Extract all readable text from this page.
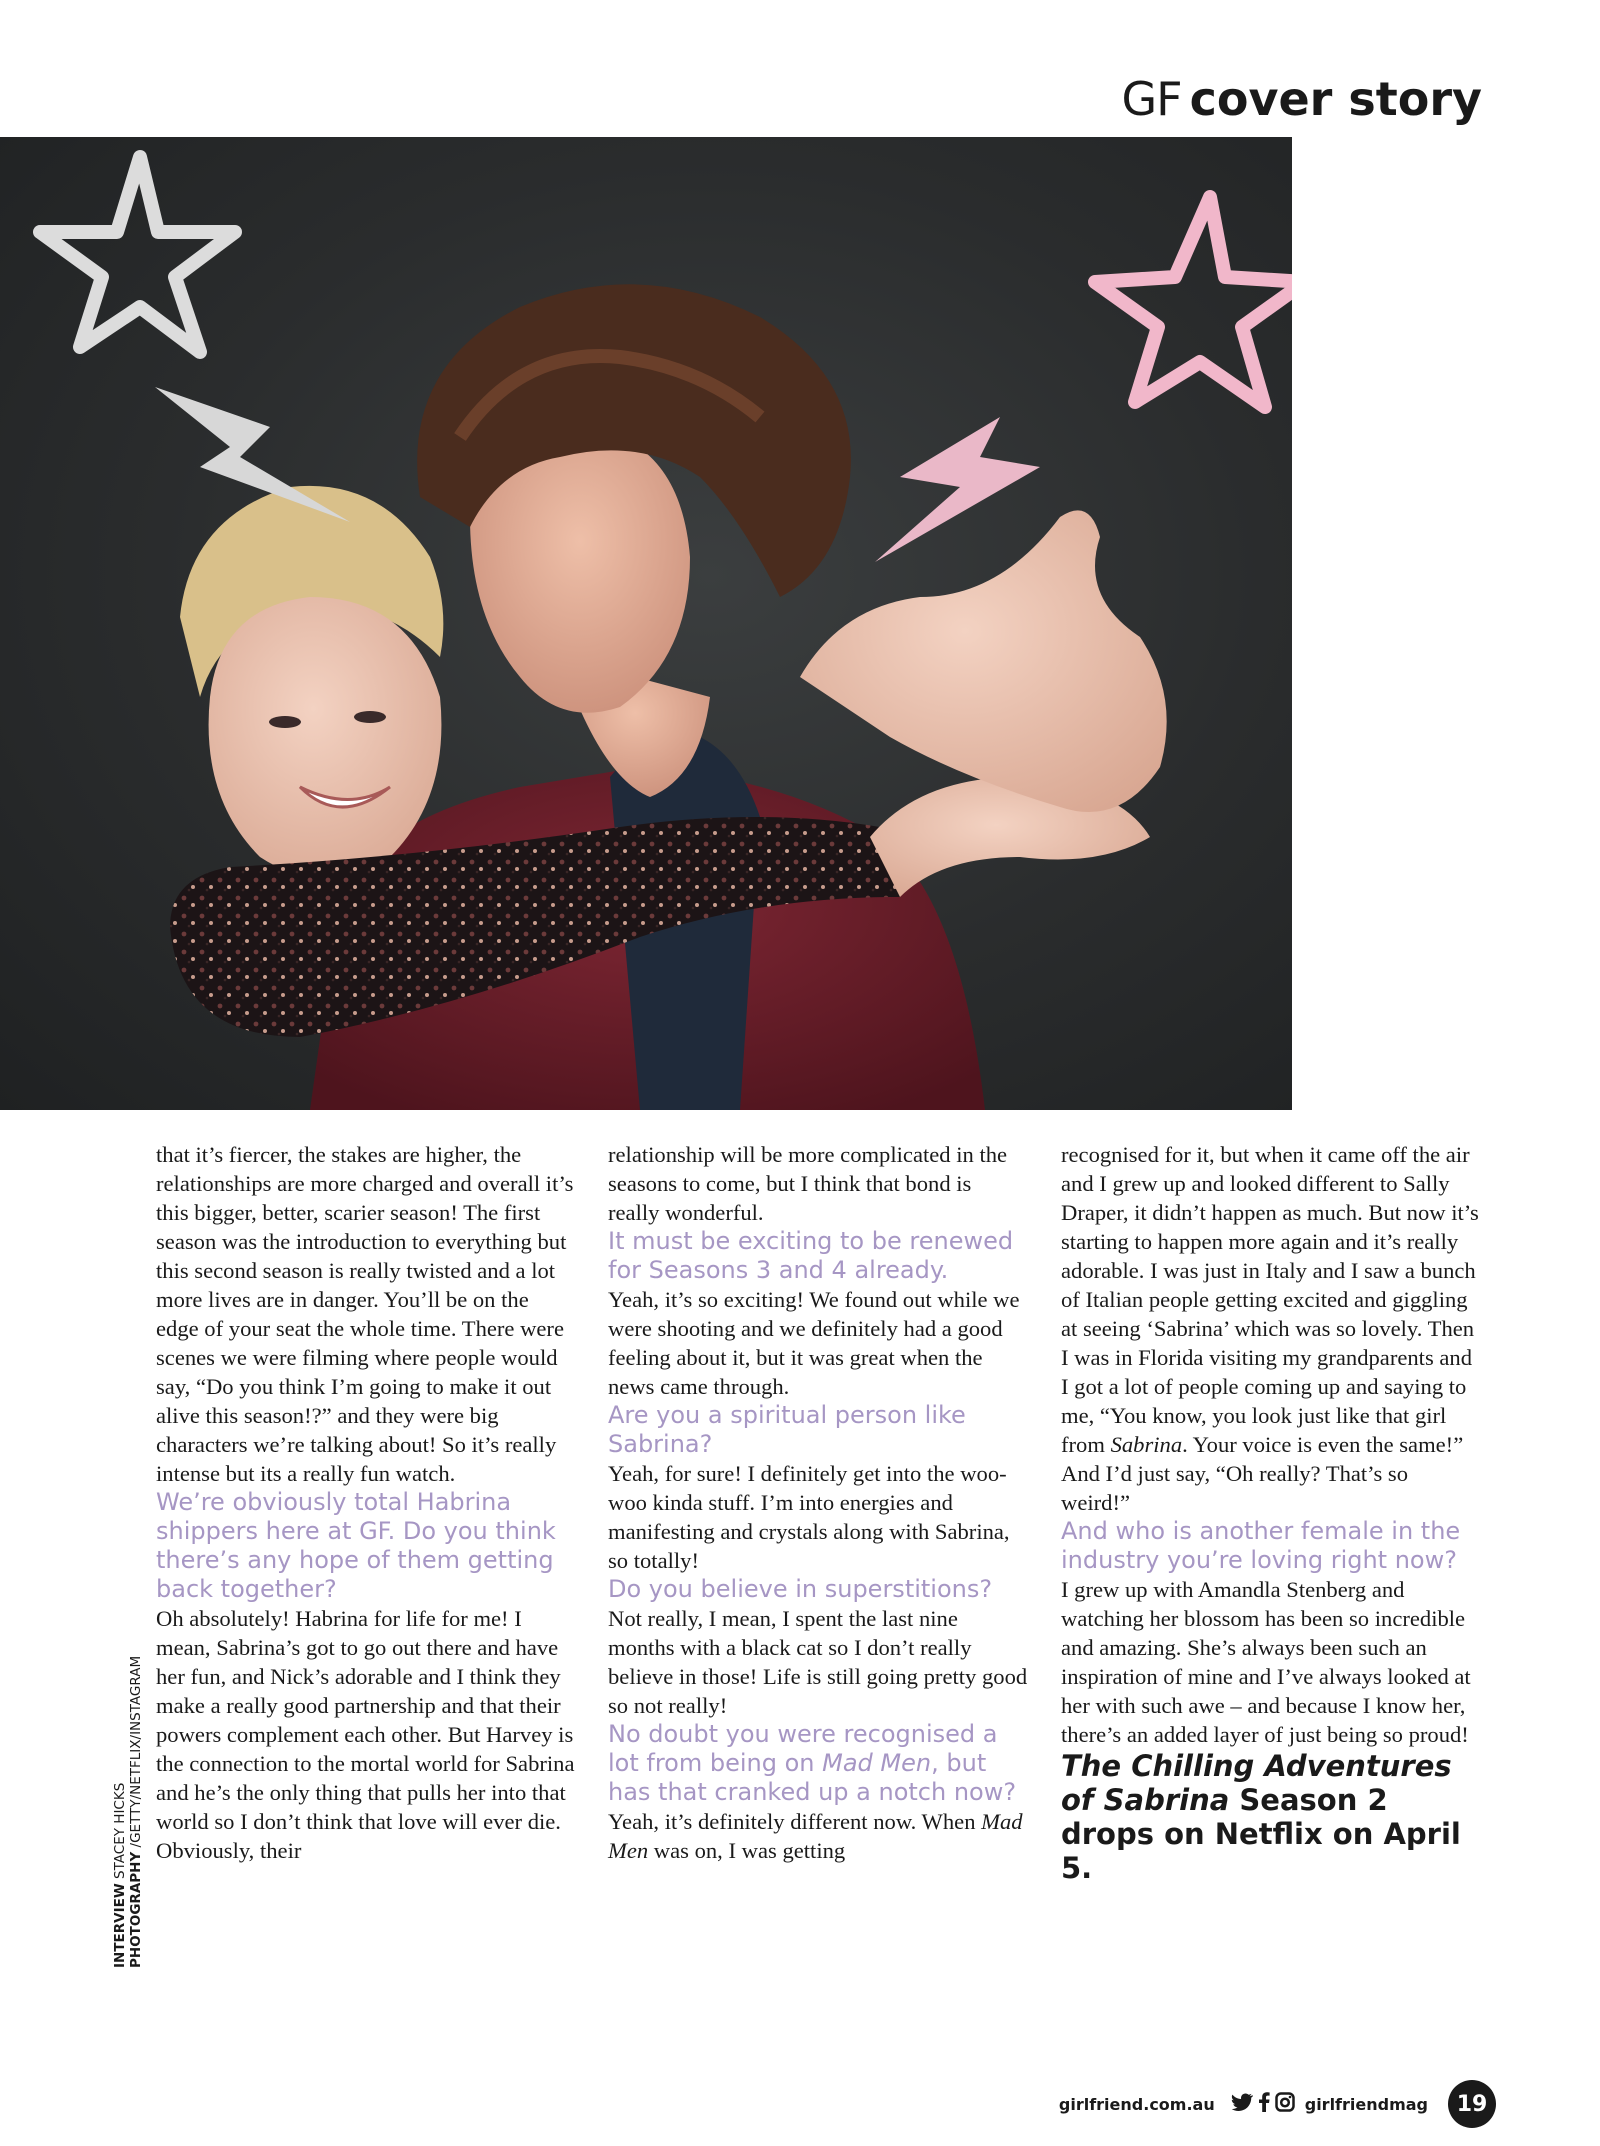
GF cover story
INTERVIEW STACEY HICKS
PHOTOGRAPHY /GETTY/NETFLIX/INSTAGRAM

that it’s fiercer, the stakes are higher, the relationships are more charged and overall it’s this bigger, better, scarier season! The first season was the introduction to everything but this second season is really twisted and a lot more lives are in danger. You’ll be on the edge of your seat the whole time. There were scenes we were filming where people would say, “Do you think I’m going to make it out alive this season!?” and they were big characters we’re talking about! So it’s really intense but its a really fun watch.

We’re obviously total Habrina shippers here at GF. Do you think there’s any hope of them getting back together?

Oh absolutely! Habrina for life for me! I mean, Sabrina’s got to go out there and have her fun, and Nick’s adorable and I think they make a really good partnership and that their powers complement each other. But Harvey is the connection to the mortal world for Sabrina and he’s the only thing that pulls her into that world so I don’t think that love will ever die. Obviously, their

relationship will be more complicated in the seasons to come, but I think that bond is really wonderful.

It must be exciting to be renewed for Seasons 3 and 4 already.

Yeah, it’s so exciting! We found out while we were shooting and we definitely had a good feeling about it, but it was great when the news came through.

Are you a spiritual person like Sabrina?

Yeah, for sure! I definitely get into the woo-woo kinda stuff. I’m into energies and manifesting and crystals along with Sabrina, so totally!

Do you believe in superstitions?

Not really, I mean, I spent the last nine months with a black cat so I don’t really believe in those! Life is still going pretty good so not really!

No doubt you were recognised a lot from being on Mad Men, but has that cranked up a notch now?

Yeah, it’s definitely different now. When Mad Men was on, I was getting

recognised for it, but when it came off the air and I grew up and looked different to Sally Draper, it didn’t happen as much. But now it’s starting to happen more again and it’s really adorable. I was just in Italy and I saw a bunch of Italian people getting excited and giggling at seeing ‘Sabrina’ which was so lovely. Then I was in Florida visiting my grandparents and I got a lot of people coming up and saying to me, “You know, you look just like that girl from Sabrina. Your voice is even the same!” And I’d just say, “Oh really? That’s so weird!”

And who is another female in the industry you’re loving right now?

I grew up with Amandla Stenberg and watching her blossom has been so incredible and amazing. She’s always been such an inspiration of mine and I’ve always looked at her with such awe – and because I know her, there’s an added layer of just being so proud!

The Chilling Adventures of Sabrina Season 2 drops on Netflix on April 5.

girlfriend.com.au	girlfriendmag	19
